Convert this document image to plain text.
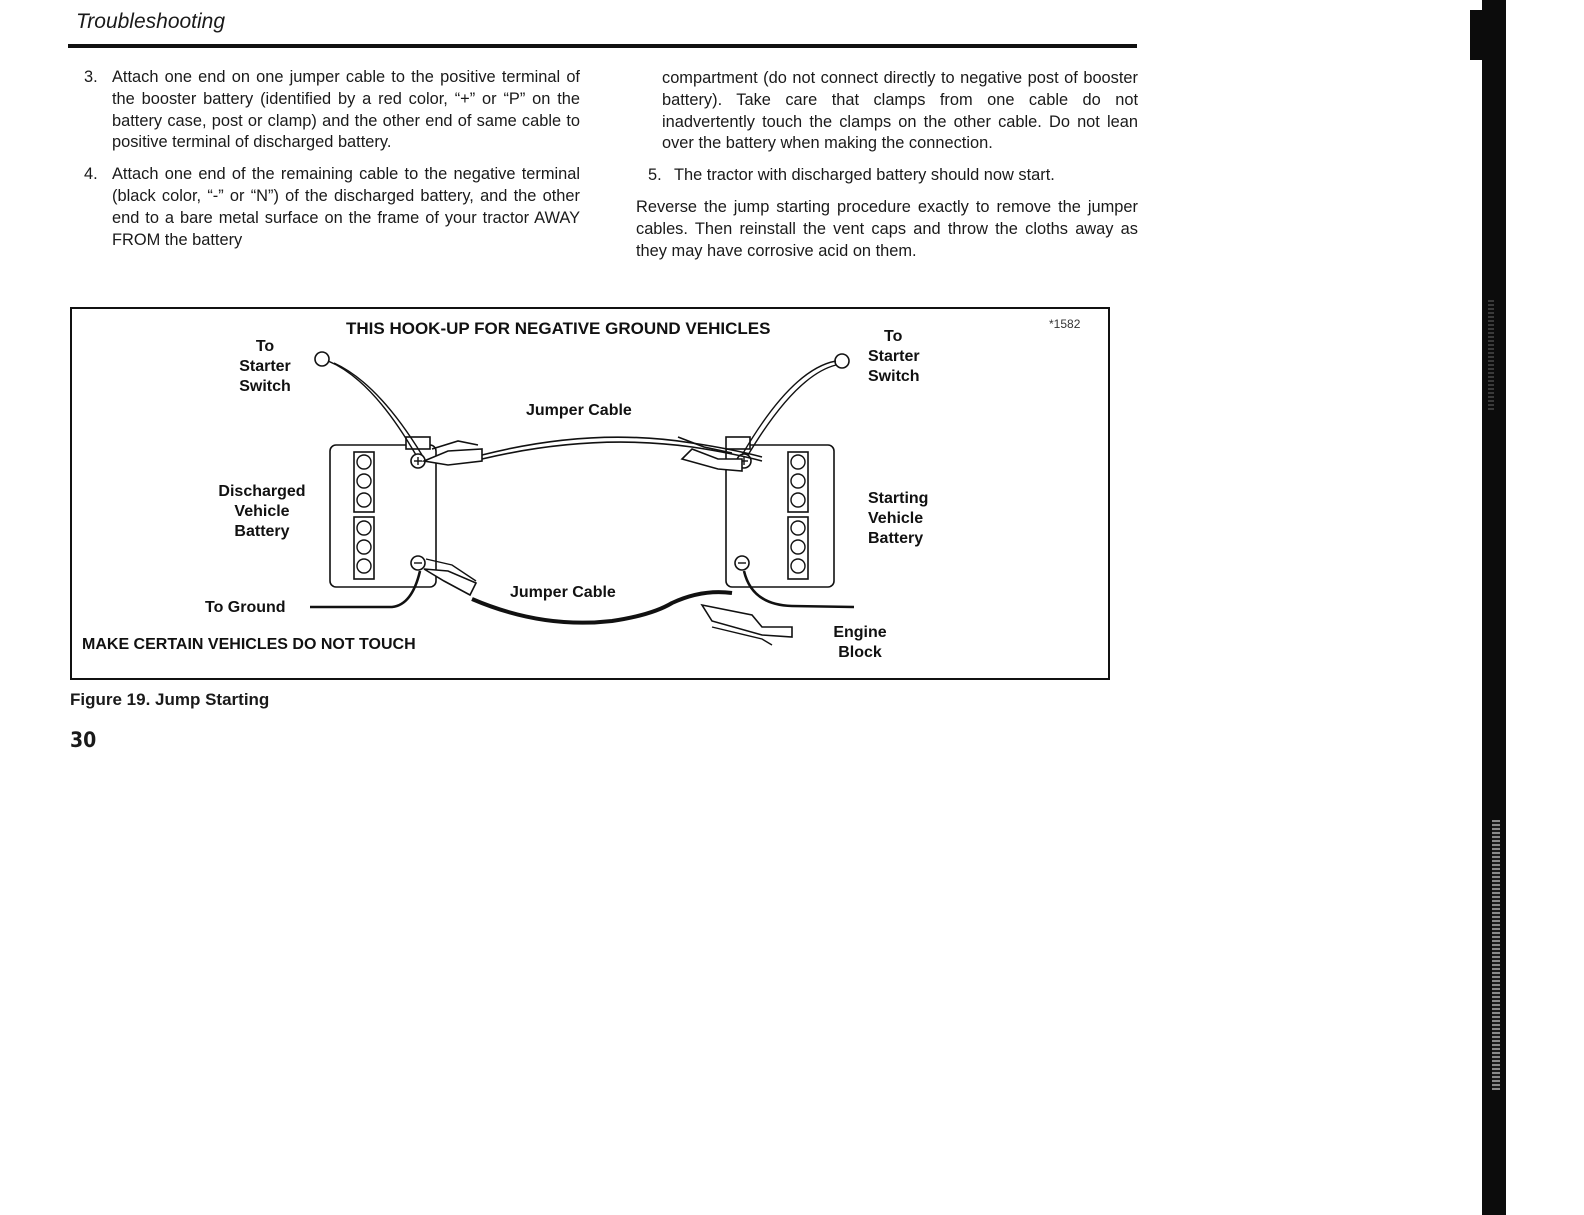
Troubleshooting
3. Attach one end on one jumper cable to the positive terminal of the booster battery (identified by a red color, “+” or “P” on the battery case, post or clamp) and the other end of same cable to positive terminal of discharged battery.
4. Attach one end of the remaining cable to the negative terminal (black color, “-” or “N”) of the discharged battery, and the other end to a bare metal surface on the frame of your tractor AWAY FROM the battery
compartment (do not connect directly to negative post of booster battery). Take care that clamps from one cable do not inadvertently touch the clamps on the other cable. Do not lean over the battery when making the connection.
5. The tractor with discharged battery should now start.
Reverse the jump starting procedure exactly to remove the jumper cables. Then reinstall the vent caps and throw the cloths away as they may have corrosive acid on them.
THIS HOOK-UP FOR NEGATIVE GROUND VEHICLES	*1582
To
Starter
Switch
To
Starter
Switch
Jumper Cable
Jumper Cable
Discharged
Vehicle
Battery
Starting
Vehicle
Battery
To Ground
Engine
Block
MAKE CERTAIN VEHICLES DO NOT TOUCH
Figure 19. Jump Starting
30
